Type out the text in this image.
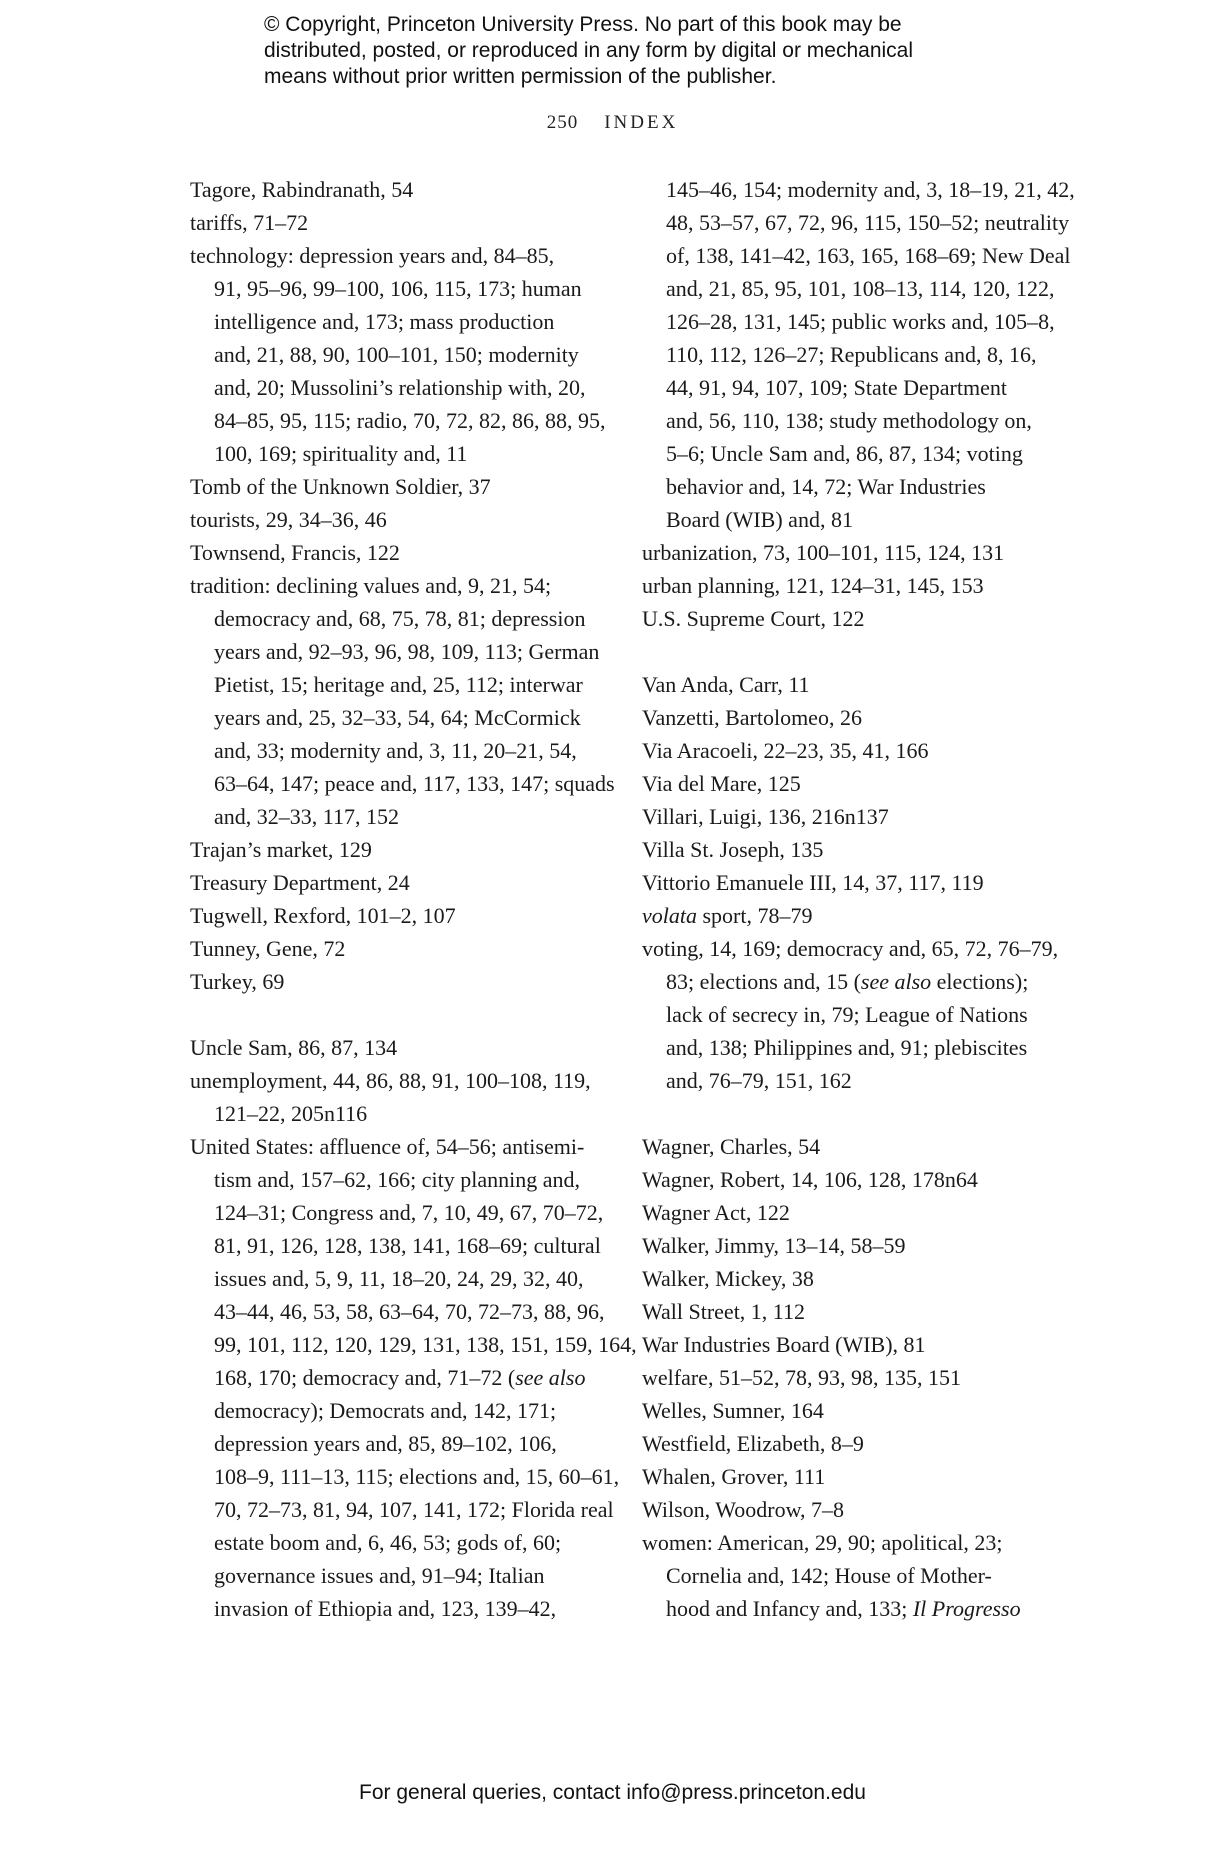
© Copyright, Princeton University Press. No part of this book may be
distributed, posted, or reproduced in any form by digital or mechanical
means without prior written permission of the publisher.
250 INDEX
Tagore, Rabindranath, 54
tariffs, 71–72
technology: depression years and, 84–85,
91, 95–96, 99–100, 106, 115, 173; human
intelligence and, 173; mass production
and, 21, 88, 90, 100–101, 150; modernity
and, 20; Mussolini’s relationship with, 20,
84–85, 95, 115; radio, 70, 72, 82, 86, 88, 95,
100, 169; spirituality and, 11
Tomb of the Unknown Soldier, 37
tourists, 29, 34–36, 46
Townsend, Francis, 122
tradition: declining values and, 9, 21, 54;
democracy and, 68, 75, 78, 81; depression
years and, 92–93, 96, 98, 109, 113; German
Pietist, 15; heritage and, 25, 112; interwar
years and, 25, 32–33, 54, 64; McCormick
and, 33; modernity and, 3, 11, 20–21, 54,
63–64, 147; peace and, 117, 133, 147; squads
and, 32–33, 117, 152
Trajan’s market, 129
Treasury Department, 24
Tugwell, Rexford, 101–2, 107
Tunney, Gene, 72
Turkey, 69
Uncle Sam, 86, 87, 134
unemployment, 44, 86, 88, 91, 100–108, 119,
121–22, 205n116
United States: affluence of, 54–56; antisemi-
tism and, 157–62, 166; city planning and,
124–31; Congress and, 7, 10, 49, 67, 70–72,
81, 91, 126, 128, 138, 141, 168–69; cultural
issues and, 5, 9, 11, 18–20, 24, 29, 32, 40,
43–44, 46, 53, 58, 63–64, 70, 72–73, 88, 96,
99, 101, 112, 120, 129, 131, 138, 151, 159, 164,
168, 170; democracy and, 71–72 (see also
democracy); Democrats and, 142, 171;
depression years and, 85, 89–102, 106,
108–9, 111–13, 115; elections and, 15, 60–61,
70, 72–73, 81, 94, 107, 141, 172; Florida real
estate boom and, 6, 46, 53; gods of, 60;
governance issues and, 91–94; Italian
invasion of Ethiopia and, 123, 139–42,
145–46, 154; modernity and, 3, 18–19, 21, 42,
48, 53–57, 67, 72, 96, 115, 150–52; neutrality
of, 138, 141–42, 163, 165, 168–69; New Deal
and, 21, 85, 95, 101, 108–13, 114, 120, 122,
126–28, 131, 145; public works and, 105–8,
110, 112, 126–27; Republicans and, 8, 16,
44, 91, 94, 107, 109; State Department
and, 56, 110, 138; study methodology on,
5–6; Uncle Sam and, 86, 87, 134; voting
behavior and, 14, 72; War Industries
Board (WIB) and, 81
urbanization, 73, 100–101, 115, 124, 131
urban planning, 121, 124–31, 145, 153
U.S. Supreme Court, 122
Van Anda, Carr, 11
Vanzetti, Bartolomeo, 26
Via Aracoeli, 22–23, 35, 41, 166
Via del Mare, 125
Villari, Luigi, 136, 216n137
Villa St. Joseph, 135
Vittorio Emanuele III, 14, 37, 117, 119
volata sport, 78–79
voting, 14, 169; democracy and, 65, 72, 76–79,
83; elections and, 15 (see also elections);
lack of secrecy in, 79; League of Nations
and, 138; Philippines and, 91; plebiscites
and, 76–79, 151, 162
Wagner, Charles, 54
Wagner, Robert, 14, 106, 128, 178n64
Wagner Act, 122
Walker, Jimmy, 13–14, 58–59
Walker, Mickey, 38
Wall Street, 1, 112
War Industries Board (WIB), 81
welfare, 51–52, 78, 93, 98, 135, 151
Welles, Sumner, 164
Westfield, Elizabeth, 8–9
Whalen, Grover, 111
Wilson, Woodrow, 7–8
women: American, 29, 90; apolitical, 23;
Cornelia and, 142; House of Mother-
hood and Infancy and, 133; Il Progresso
For general queries, contact info@press.princeton.edu
